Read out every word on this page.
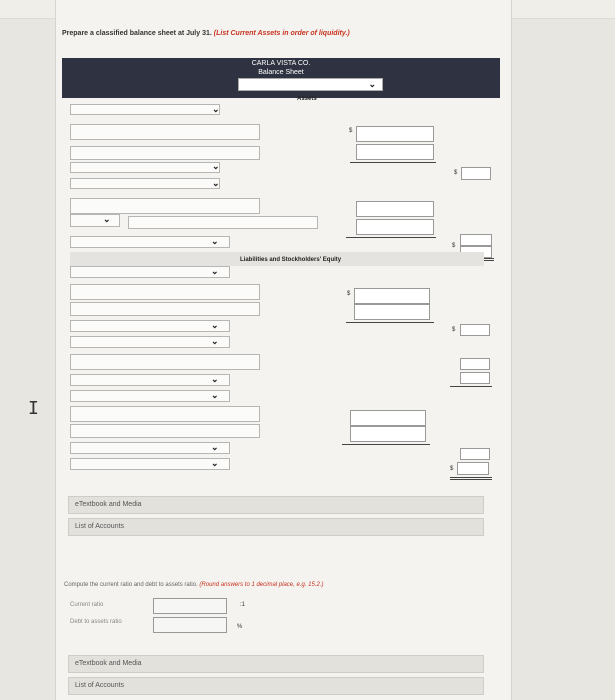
Prepare a classified balance sheet at July 31. (List Current Assets in order of liquidity.)
CARLA VISTA CO.
Balance Sheet
⌄
Assets
⌄
⌄
⌄
⌄
⌄
$
$
$
Liabilities and Stockholders' Equity
⌄
⌄
⌄
⌄
⌄
⌄
⌄
$
$
$
eTextbook and Media
List of Accounts
Compute the current ratio and debt to assets ratio. (Round answers to 1 decimal place, e.g. 15.2.)
Current ratio
Debt to assets ratio
:1
%
eTextbook and Media
List of Accounts
I
